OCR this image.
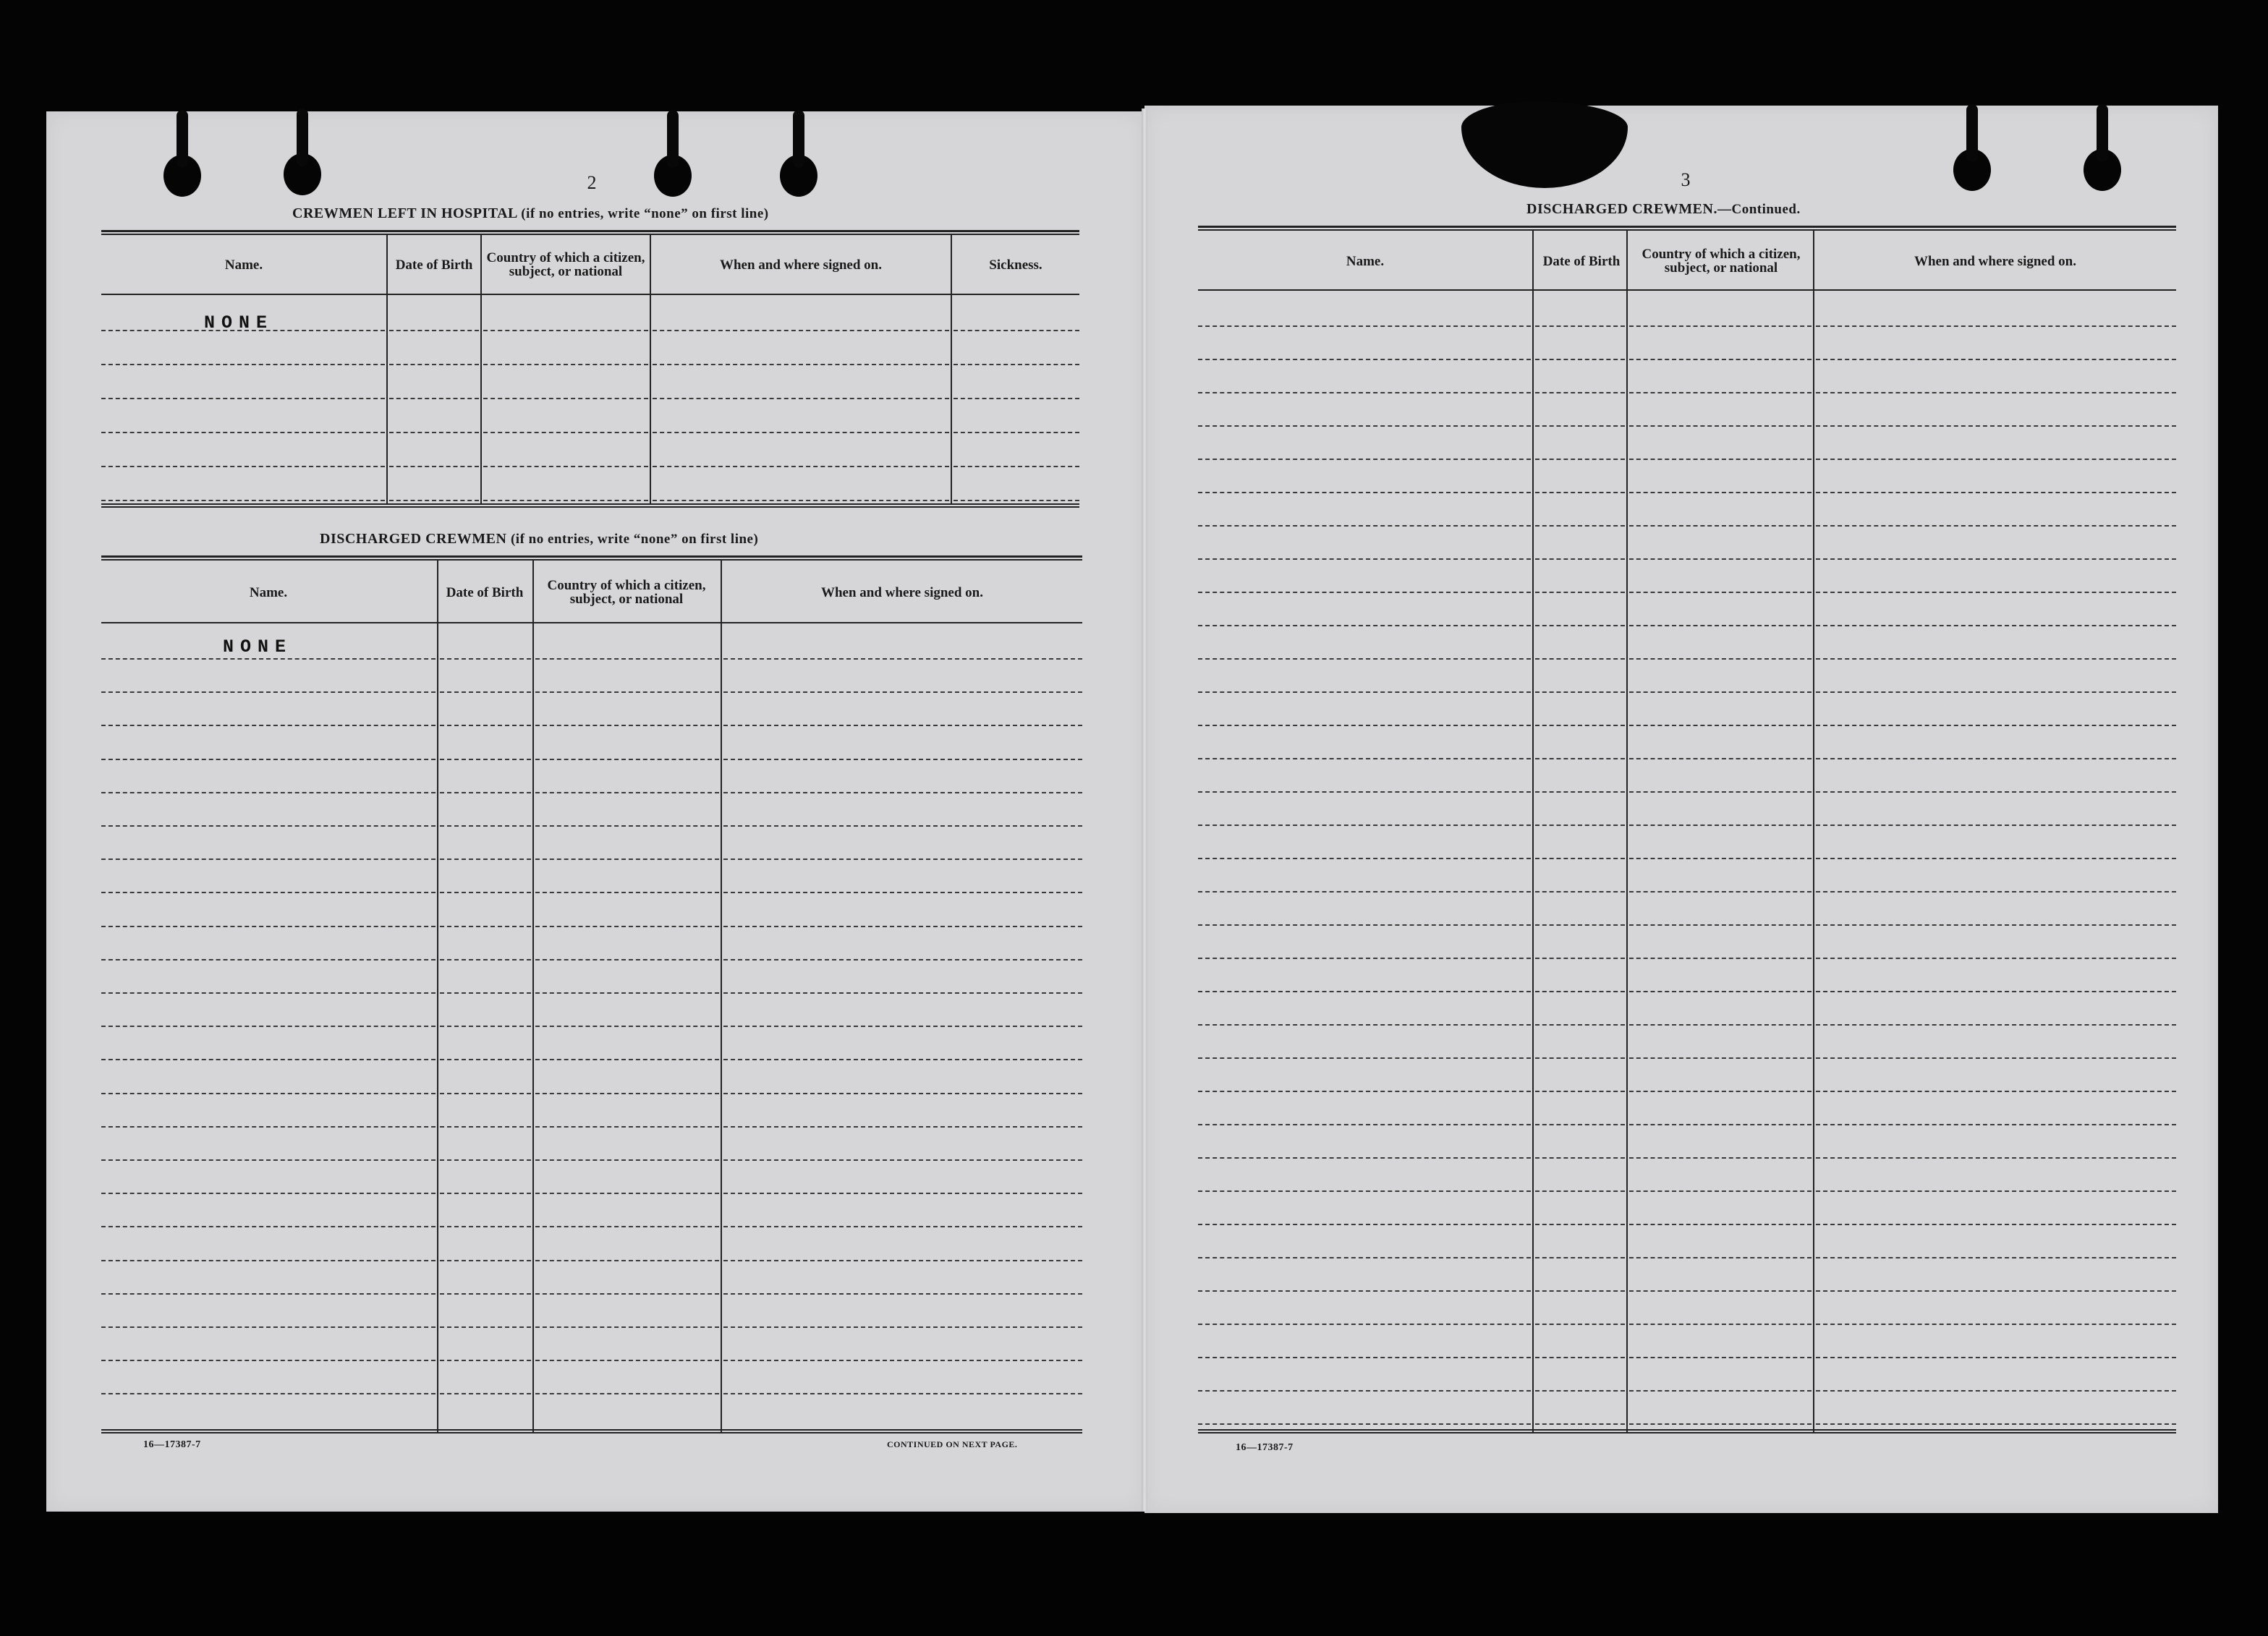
2	3
CREWMEN LEFT IN HOSPITAL (if no entries, write “none” on first line)
Name.	Date of Birth	Country of which a citizen, subject, or national	When and where signed on.	Sickness.
NONE
DISCHARGED CREWMEN (if no entries, write “none” on first line)
Name.	Date of Birth	Country of which a citizen, subject, or national	When and where signed on.
NONE
16—17387-7	CONTINUED ON NEXT PAGE.
DISCHARGED CREWMEN.—Continued.
Name.	Date of Birth	Country of which a citizen, subject, or national	When and where signed on.
16—17387-7
